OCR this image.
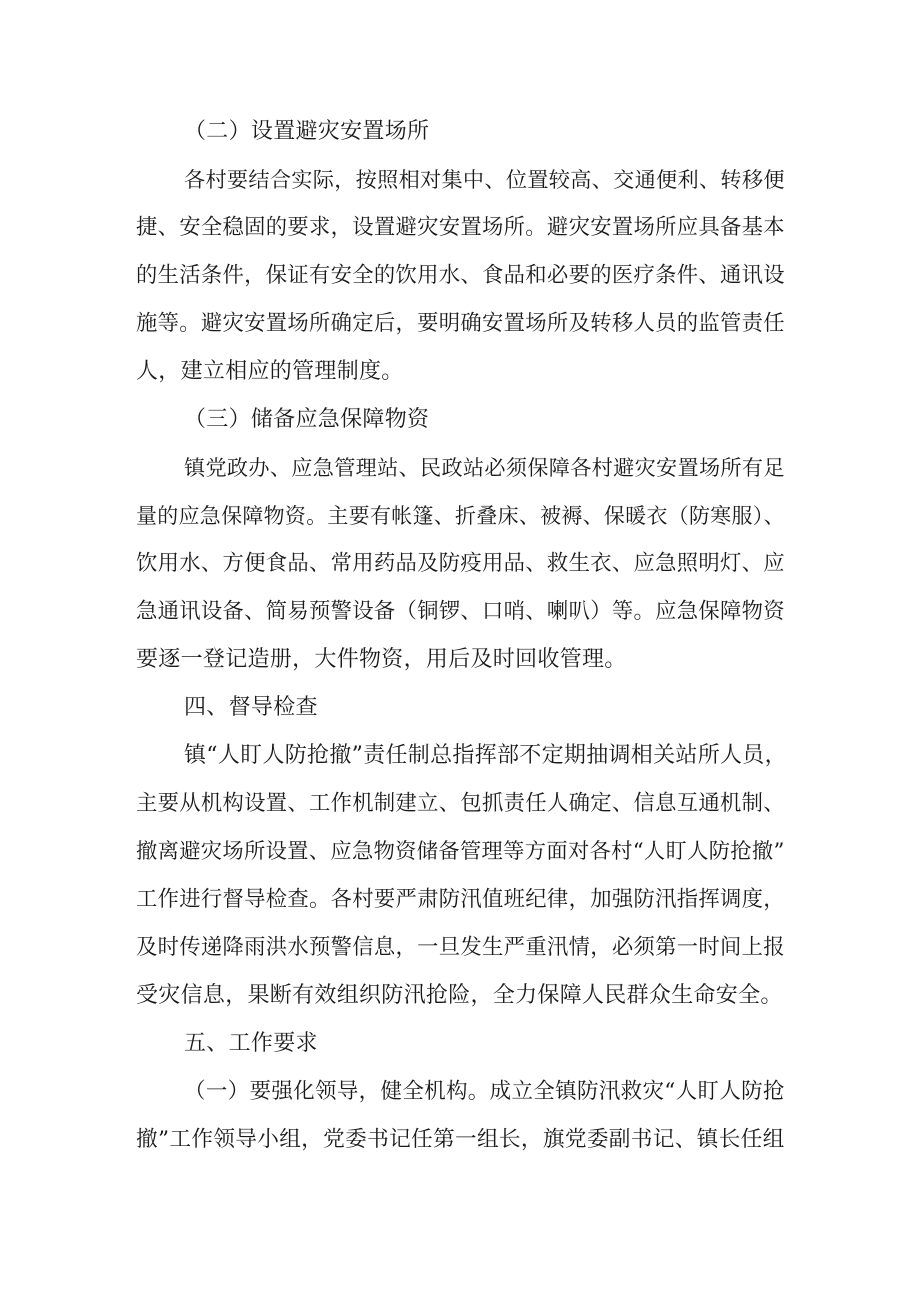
（二）设置避灾安置场所
各村要结合实际，按照相对集中、位置较高、交通便利、转移便
捷、安全稳固的要求，设置避灾安置场所。避灾安置场所应具备基本
的生活条件，保证有安全的饮用水、食品和必要的医疗条件、通讯设
施等。避灾安置场所确定后，要明确安置场所及转移人员的监管责任
人，建立相应的管理制度。
（三）储备应急保障物资
镇党政办、应急管理站、民政站必须保障各村避灾安置场所有足
量的应急保障物资。主要有帐篷、折叠床、被褥、保暖衣（防寒服）、
饮用水、方便食品、常用药品及防疫用品、救生衣、应急照明灯、应
急通讯设备、简易预警设备（铜锣、口哨、喇叭）等。应急保障物资
要逐一登记造册，大件物资，用后及时回收管理。
四、督导检查
镇“人盯人防抢撤”责任制总指挥部不定期抽调相关站所人员，
主要从机构设置、工作机制建立、包抓责任人确定、信息互通机制、
撤离避灾场所设置、应急物资储备管理等方面对各村“人盯人防抢撤”
工作进行督导检查。各村要严肃防汛值班纪律，加强防汛指挥调度，
及时传递降雨洪水预警信息，一旦发生严重汛情，必须第一时间上报
受灾信息，果断有效组织防汛抢险，全力保障人民群众生命安全。
五、工作要求
（一）要强化领导，健全机构。成立全镇防汛救灾“人盯人防抢
撤”工作领导小组，党委书记任第一组长，旗党委副书记、镇长任组
